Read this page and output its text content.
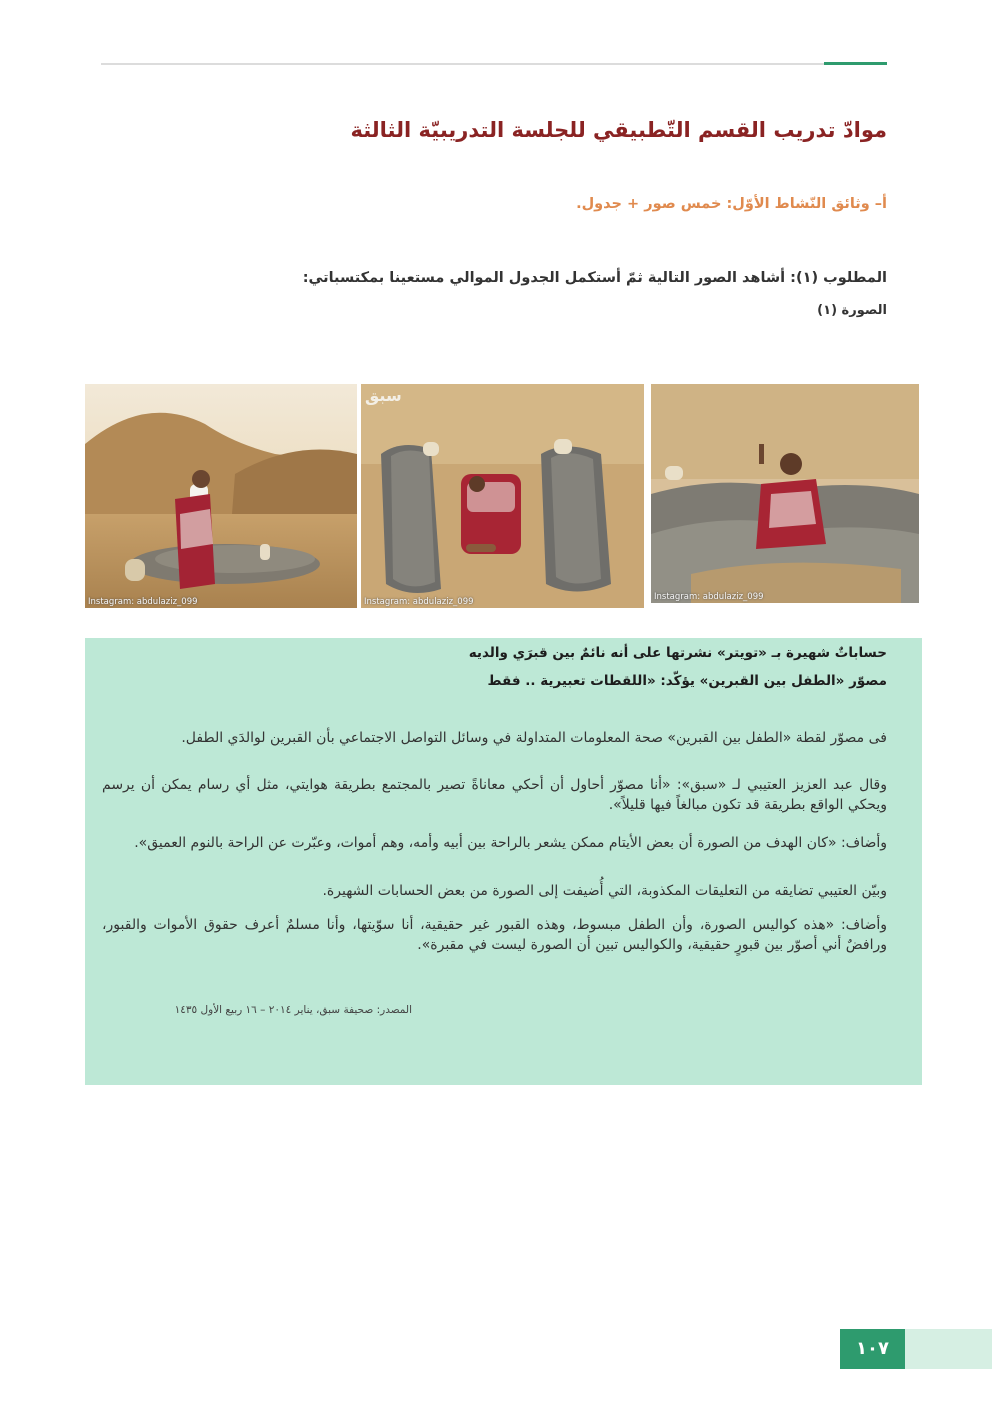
موادّ تدريب القسم التّطبيقي للجلسة التدريبيّة الثالثة
أ– وثائق النّشاط الأوّل: خمس صور + جدول.
المطلوب (١): أشاهد الصور التالية ثمّ أستكمل الجدول الموالي مستعينا بمكتسباتي:
الصورة (١)
Instagram: abdulaziz_099
سبق
Instagram: abdulaziz_099	Instagram: abdulaziz_099
حساباتٌ شهيرة بـ «تويتر» نشرتها على أنه نائمٌ بين قبرَي والديه
مصوّر «الطفل بين القبرين» يؤكّد: «اللقطات تعبيرية .. فقط
فى مصوّر لقطة «الطفل بين القبرين» صحة المعلومات المتداولة في وسائل التواصل الاجتماعي بأن القبرين لوالدَي الطفل.
وقال عبد العزيز العتيبي لـ «سبق»: «أنا مصوّر أحاول أن أحكي معاناةً تصير بالمجتمع بطريقة هوايتي، مثل أي رسام يمكن أن يرسم ويحكي الواقع بطريقة قد تكون مبالغاً فيها قليلاً».
وأضاف: «كان الهدف من الصورة أن بعض الأيتام ممكن يشعر بالراحة بين أبيه وأمه، وهم أموات، وعبّرت عن الراحة بالنوم العميق».
وبيّن العتيبي تضايقه من التعليقات المكذوبة، التي أُضيفت إلى الصورة من بعض الحسابات الشهيرة.
وأضاف: «هذه كواليس الصورة، وأن الطفل مبسوط، وهذه القبور غير حقيقية، أنا سوّيتها، وأنا مسلمٌ أعرف حقوق الأموات والقبور، ورافضٌ أني أصوّر بين قبورٍ حقيقية، والكواليس تبين أن الصورة ليست في مقبرة».
المصدر: صحيفة سبق، يناير ٢٠١٤ – ١٦ ربيع الأول ١٤٣٥
١٠٧
